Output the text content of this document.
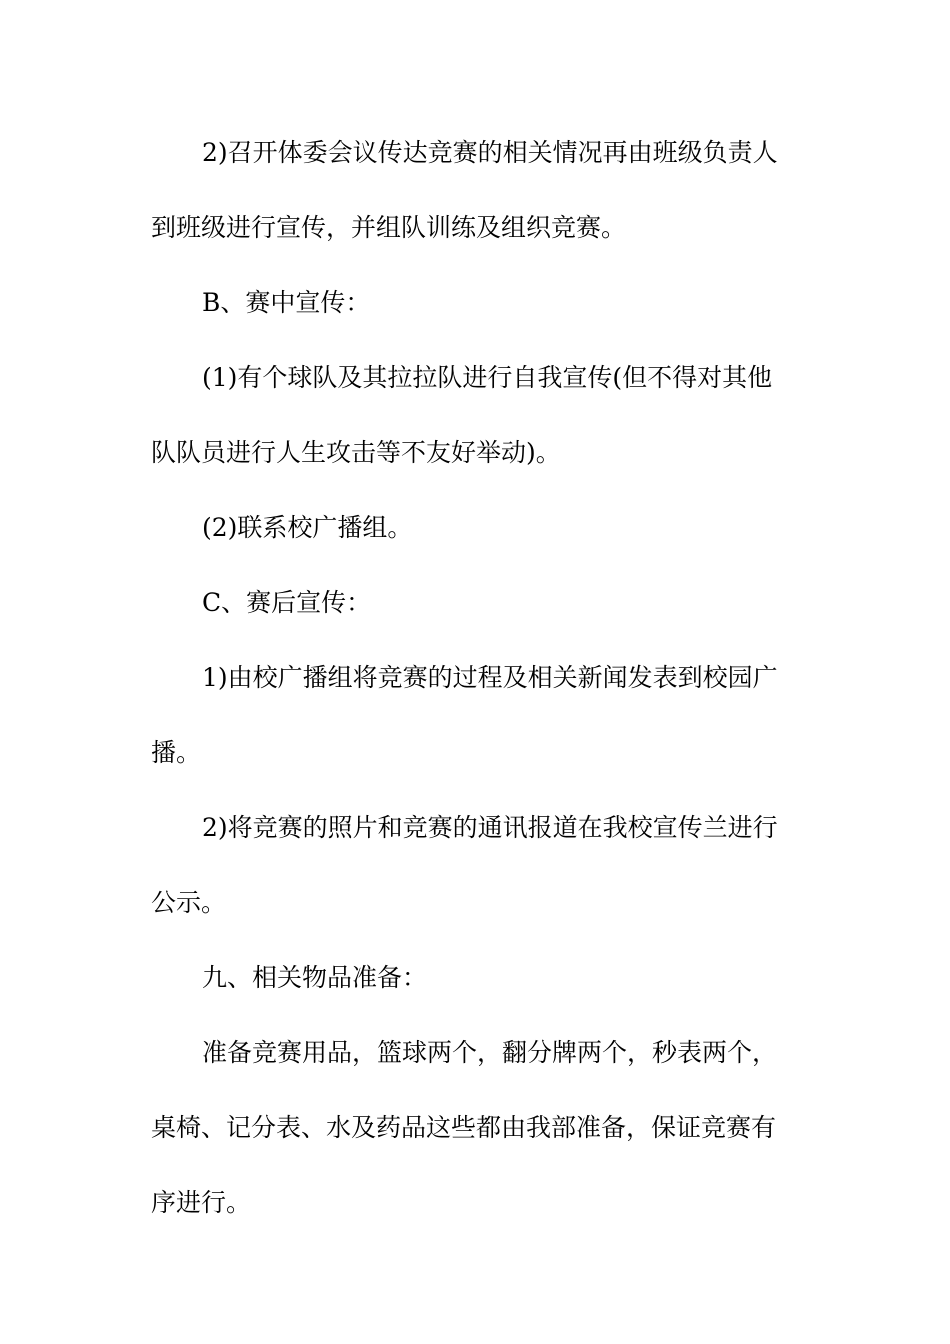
2)召开体委会议传达竞赛的相关情况再由班级负责人
到班级进行宣传，并组队训练及组织竞赛。
B、赛中宣传：
(1)有个球队及其拉拉队进行自我宣传(但不得对其他
队队员进行人生攻击等不友好举动)。
(2)联系校广播组。
C、赛后宣传：
1)由校广播组将竞赛的过程及相关新闻发表到校园广
播。
2)将竞赛的照片和竞赛的通讯报道在我校宣传兰进行
公示。
九、相关物品准备：
准备竞赛用品，篮球两个，翻分牌两个，秒表两个，
桌椅、记分表、水及药品这些都由我部准备，保证竞赛有
序进行。
